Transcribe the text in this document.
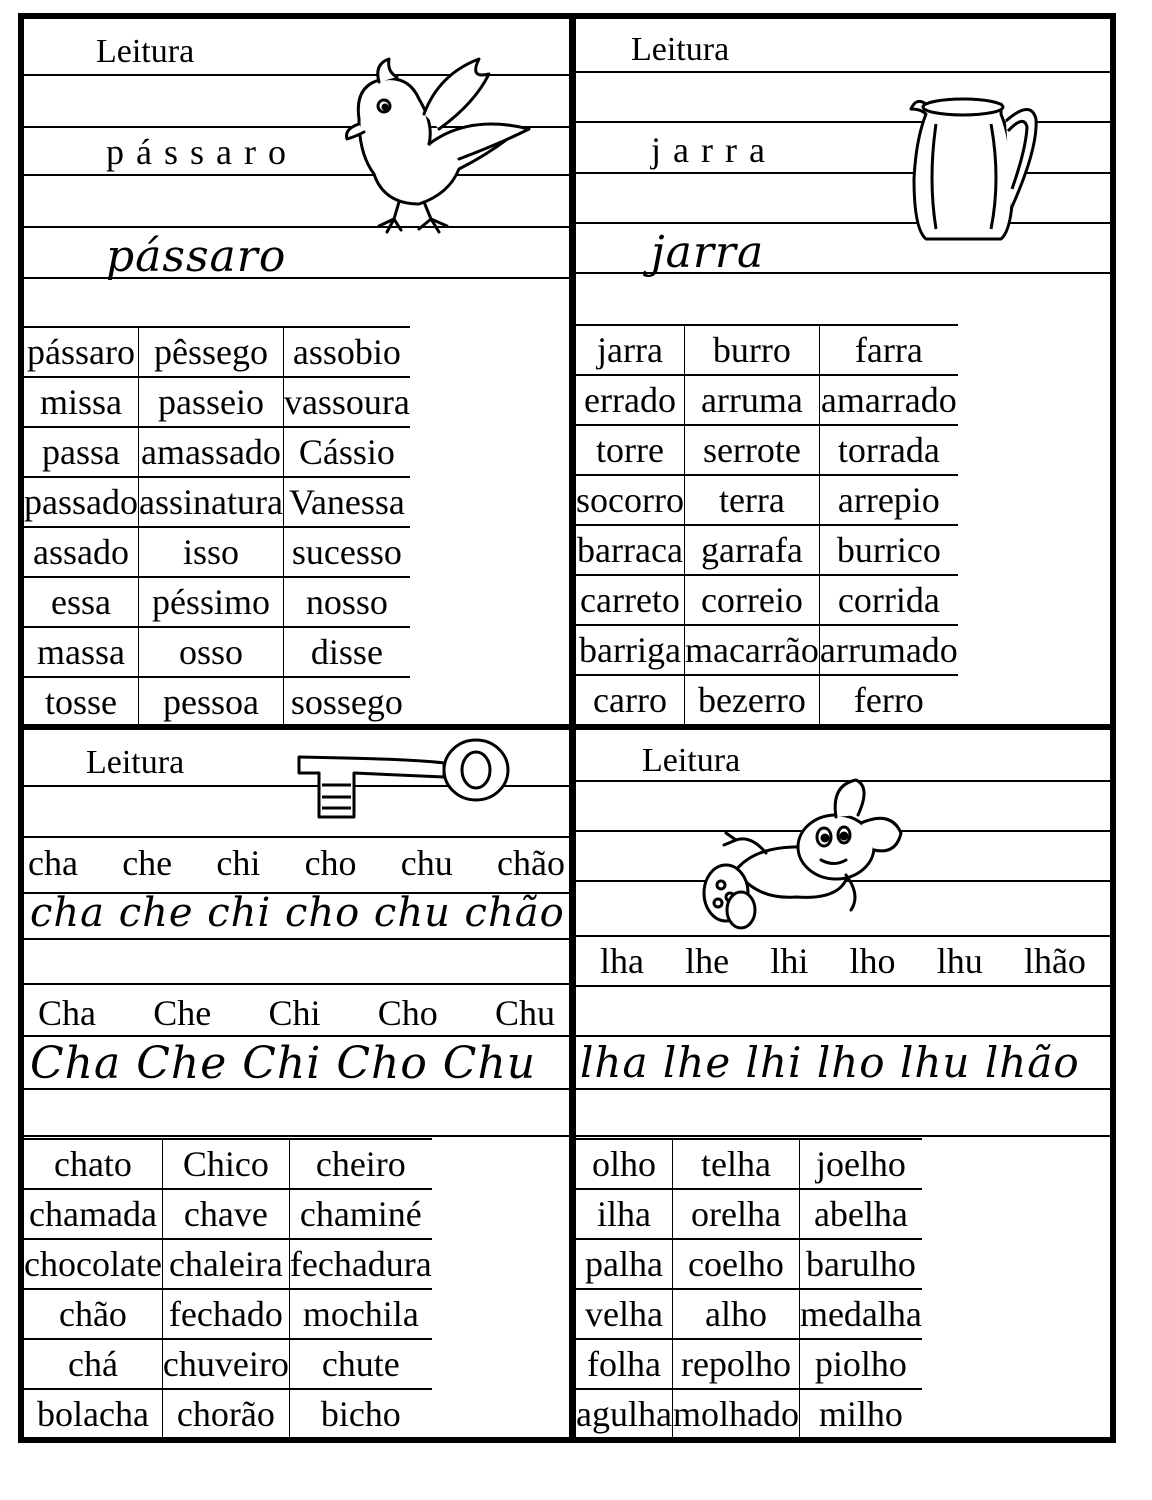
Leitura
pássaro
pássaro
pássaro	pêssego	assobio
missa	passeio	vassoura
passa	amassado	Cássio
passado	assinatura	Vanessa
assado	isso	sucesso
essa	péssimo	nosso
massa	osso	disse
tosse	pessoa	sossego
Leitura
jarra
jarra
jarra	burro	farra
errado	arruma	amarrado
torre	serrote	torrada
socorro	terra	arrepio
barraca	garrafa	burrico
carreto	correio	corrida
barriga	macarrão	arrumado
carro	bezerro	ferro
Leitura
cha che chi cho chu chão
cha che chi cho chu chão
Cha Che Chi Cho Chu
Cha Che Chi Cho Chu
chato	Chico	cheiro
chamada	chave	chaminé
chocolate	chaleira	fechadura
chão	fechado	mochila
chá	chuveiro	chute
bolacha	chorão	bicho
Leitura
lha lhe lhi lho lhu lhão
lha lhe lhi lho lhu lhão
olho	telha	joelho
ilha	orelha	abelha
palha	coelho	barulho
velha	alho	medalha
folha	repolho	piolho
agulha	molhado	milho
